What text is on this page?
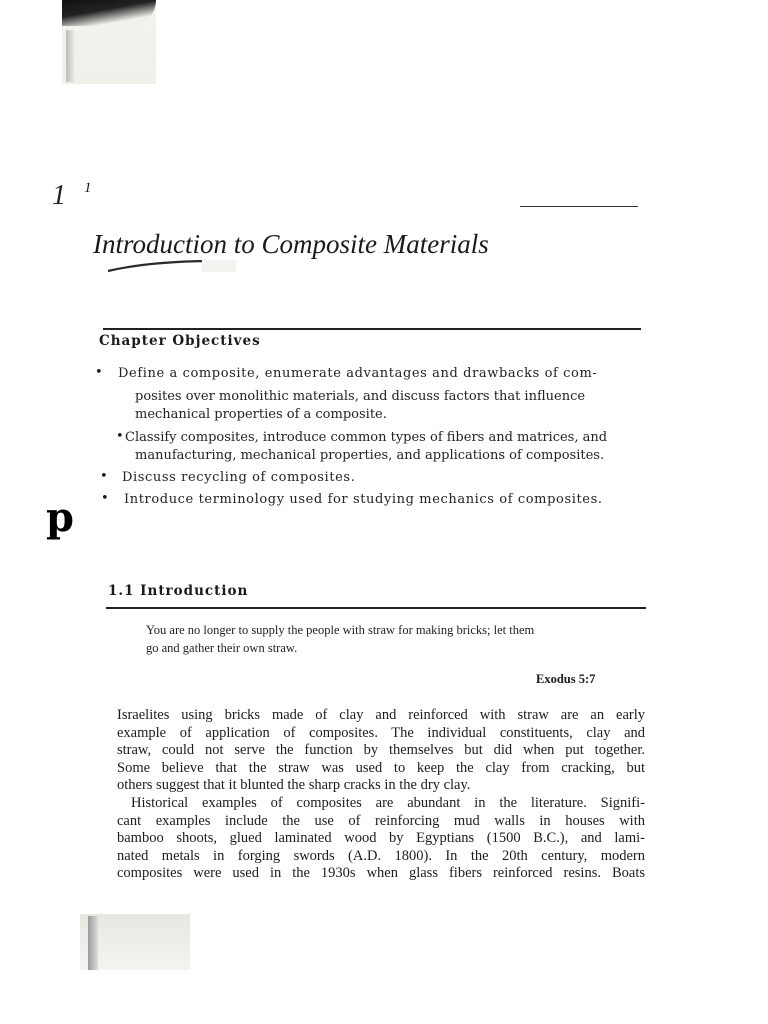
1 1
Introduction to Composite Materials
Chapter Objectives
• Define a composite, enumerate advantages and drawbacks of com-
posites over monolithic materials, and discuss factors that influence
mechanical properties of a composite.
• Classify composites, introduce common types of fibers and matrices, and
manufacturing, mechanical properties, and applications of composites.
• Discuss recycling of composites.
• Introduce terminology used for studying mechanics of composites.
p
1.1 Introduction
You are no longer to supply the people with straw for making bricks; let them
go and gather their own straw.
Exodus 5:7
Israelites using bricks made of clay and reinforced with straw are an early
example of application of composites. The individual constituents, clay and
straw, could not serve the function by themselves but did when put together.
Some believe that the straw was used to keep the clay from cracking, but
others suggest that it blunted the sharp cracks in the dry clay.
Historical examples of composites are abundant in the literature. Signifi-
cant examples include the use of reinforcing mud walls in houses with
bamboo shoots, glued laminated wood by Egyptians (1500 B.C.), and lami-
nated metals in forging swords (A.D. 1800). In the 20th century, modern
composites were used in the 1930s when glass fibers reinforced resins. Boats
